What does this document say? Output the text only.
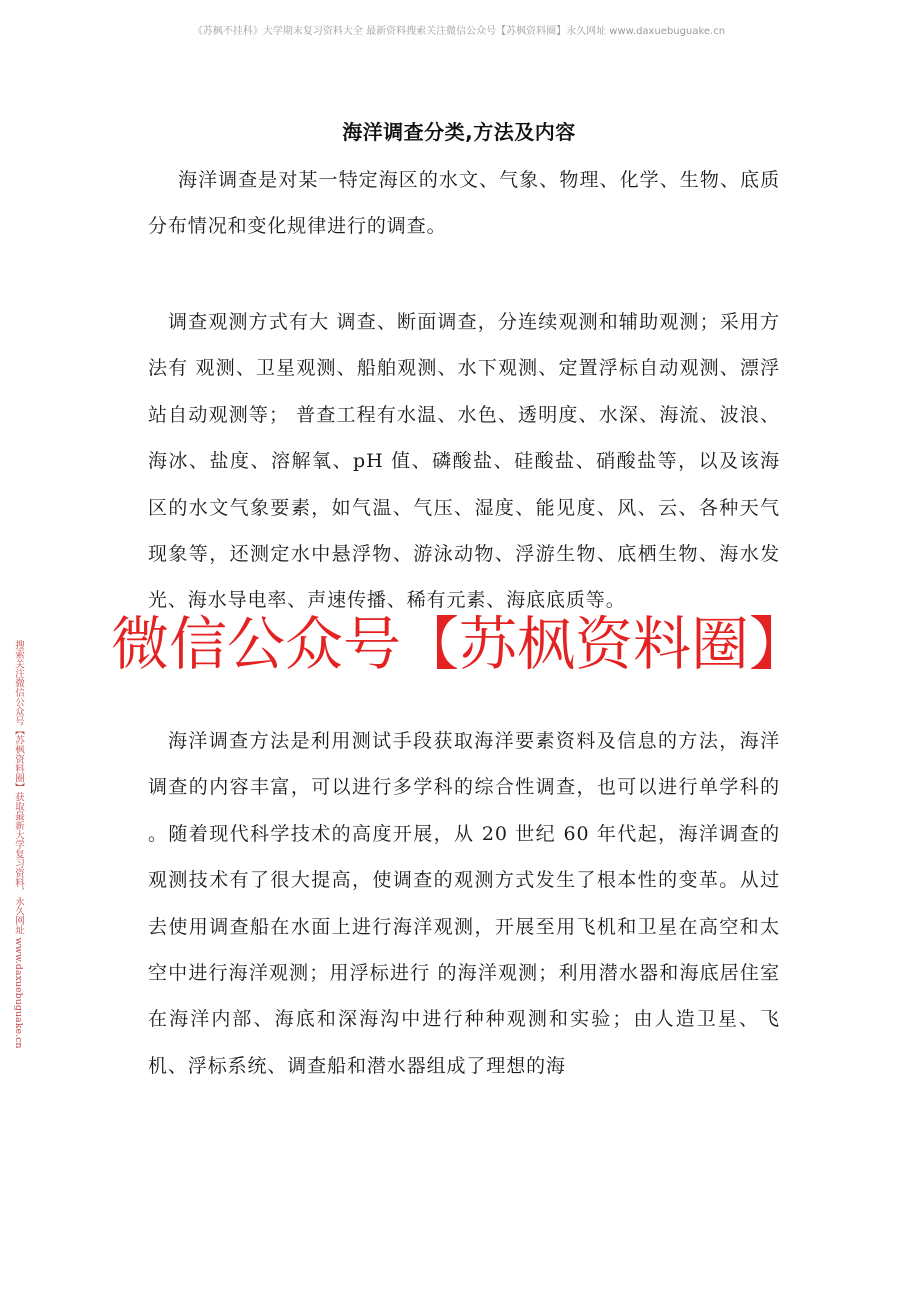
《苏枫不挂科》大学期末复习资料大全 最新资料搜索关注微信公众号【苏枫资料圈】永久网址 www.daxuebuguake.cn
搜索关注微信公众号【苏枫资料圈】获取最新大学复习资料，永久网址 www.daxuebuguake.cn
海洋调查分类,方法及内容

海洋调查是对某一特定海区的水文、气象、物理、化学、生物、底质分布情况和变化规律进行的调查。

调查观测方式有大 调查、断面调查，分连续观测和辅助观测；采用方法有 观测、卫星观测、船舶观测、水下观测、定置浮标自动观测、漂浮站自动观测等； 普查工程有水温、水色、透明度、水深、海流、波浪、海冰、盐度、溶解氧、pH 值、磷酸盐、硅酸盐、硝酸盐等，以及该海区的水文气象要素，如气温、气压、湿度、能见度、风、云、各种天气现象等，还测定水中悬浮物、游泳动物、浮游生物、底栖生物、海水发光、海水导电率、声速传播、稀有元素、海底底质等。

海洋调查方法是利用测试手段获取海洋要素资料及信息的方法，海洋调查的内容丰富，可以进行多学科的综合性调查，也可以进行单学科的 。随着现代科学技术的高度开展，从 20 世纪 60 年代起，海洋调查的观测技术有了很大提高，使调查的观测方式发生了根本性的变革。从过去使用调查船在水面上进行海洋观测，开展至用飞机和卫星在高空和太空中进行海洋观测；用浮标进行 的海洋观测；利用潜水器和海底居住室在海洋内部、海底和深海沟中进行种种观测和实验；由人造卫星、飞机、浮标系统、调查船和潜水器组成了理想的海

微信公众号【苏枫资料圈】
